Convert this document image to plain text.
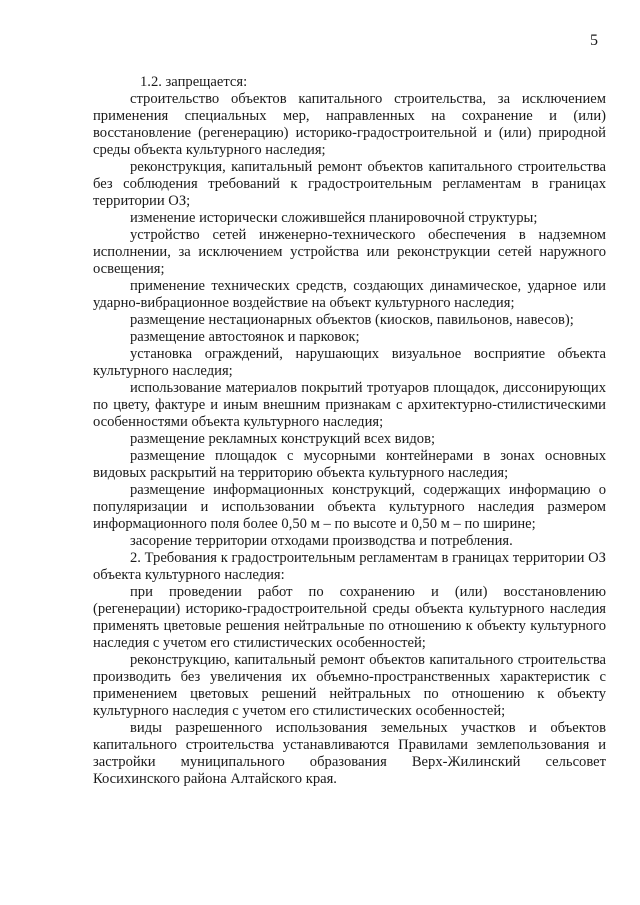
5

1.2. запрещается:

строительство объектов капитального строительства, за исключением применения специальных мер, направленных на сохранение и (или) восстановление (регенерацию) историко-градостроительной и (или) природной среды объекта культурного наследия;

реконструкция, капитальный ремонт объектов капитального строительства без соблюдения требований к градостроительным регламентам в границах территории ОЗ;

изменение исторически сложившейся планировочной структуры;

устройство сетей инженерно-технического обеспечения в надземном исполнении, за исключением устройства или реконструкции сетей наружного освещения;

применение технических средств, создающих динамическое, ударное или ударно-вибрационное воздействие на объект культурного наследия;

размещение нестационарных объектов (киосков, павильонов, навесов);

размещение автостоянок и парковок;

установка ограждений, нарушающих визуальное восприятие объекта культурного наследия;

использование материалов покрытий тротуаров площадок, диссонирующих по цвету, фактуре и иным внешним признакам с архитектурно-стилистическими особенностями объекта культурного наследия;

размещение рекламных конструкций всех видов;

размещение площадок с мусорными контейнерами в зонах основных видовых раскрытий на территорию объекта культурного наследия;

размещение информационных конструкций, содержащих информацию о популяризации и использовании объекта культурного наследия размером информационного поля более 0,50 м – по высоте и 0,50 м – по ширине;

засорение территории отходами производства и потребления.

2. Требования к градостроительным регламентам в границах территории ОЗ объекта культурного наследия:

при проведении работ по сохранению и (или) восстановлению (регенерации) историко-градостроительной среды объекта культурного наследия применять цветовые решения нейтральные по отношению к объекту культурного наследия с учетом его стилистических особенностей;

реконструкцию, капитальный ремонт объектов капитального строительства производить без увеличения их объемно-пространственных характеристик с применением цветовых решений нейтральных по отношению к объекту культурного наследия с учетом его стилистических особенностей;

виды разрешенного использования земельных участков и объектов капитального строительства устанавливаются Правилами землепользования и застройки муниципального образования Верх-Жилинский сельсовет Косихинского района Алтайского края.
